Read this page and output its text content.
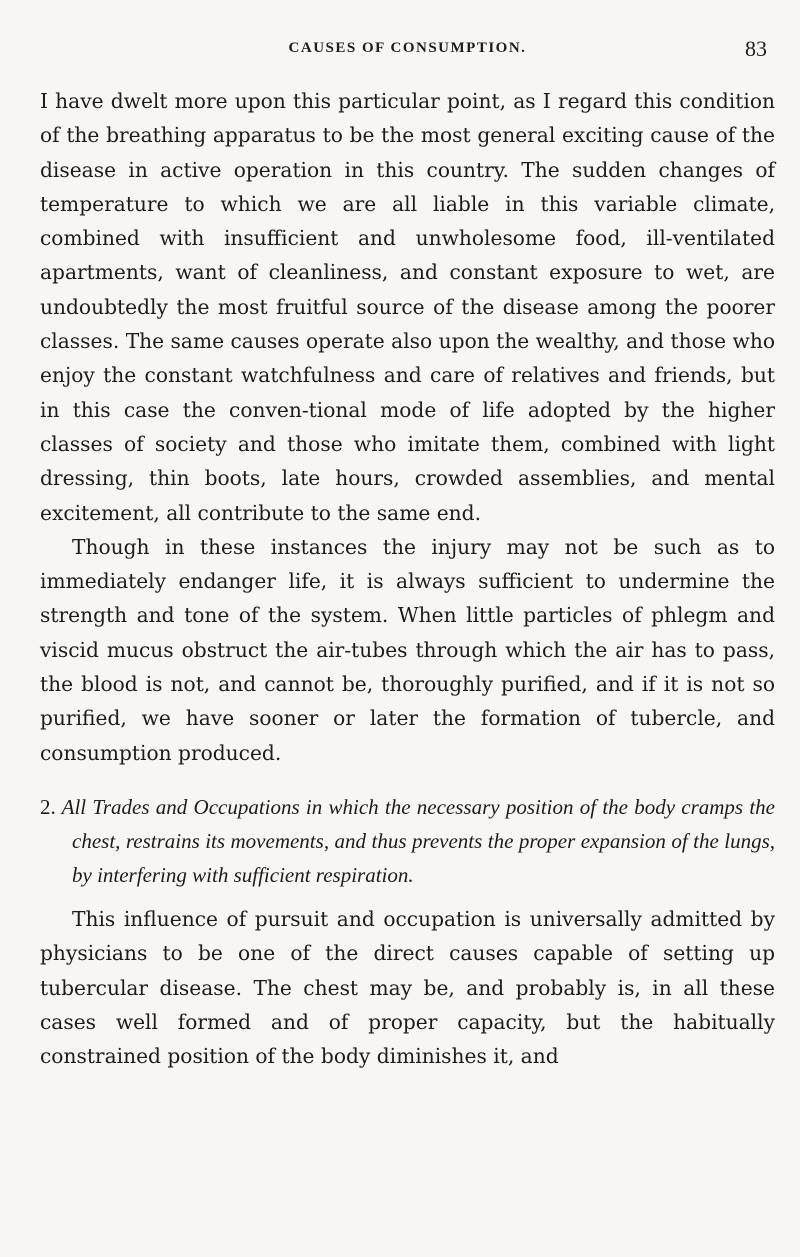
CAUSES OF CONSUMPTION.	83

I have dwelt more upon this particular point, as I regard this condition of the breathing apparatus to be the most general exciting cause of the disease in active operation in this country. The sudden changes of temperature to which we are all liable in this variable climate, combined with insufficient and unwholesome food, ill-ventilated apartments, want of cleanliness, and constant exposure to wet, are undoubtedly the most fruitful source of the disease among the poorer classes. The same causes operate also upon the wealthy, and those who enjoy the constant watchfulness and care of relatives and friends, but in this case the conven-tional mode of life adopted by the higher classes of society and those who imitate them, combined with light dressing, thin boots, late hours, crowded assemblies, and mental excitement, all contribute to the same end.

Though in these instances the injury may not be such as to immediately endanger life, it is always sufficient to undermine the strength and tone of the system. When little particles of phlegm and viscid mucus obstruct the air-tubes through which the air has to pass, the blood is not, and cannot be, thoroughly purified, and if it is not so purified, we have sooner or later the formation of tubercle, and consumption produced.

2. All Trades and Occupations in which the necessary position of the body cramps the chest, restrains its movements, and thus prevents the proper expansion of the lungs, by interfering with sufficient respiration.

This influence of pursuit and occupation is universally admitted by physicians to be one of the direct causes capable of setting up tubercular disease. The chest may be, and probably is, in all these cases well formed and of proper capacity, but the habitually constrained position of the body diminishes it, and
